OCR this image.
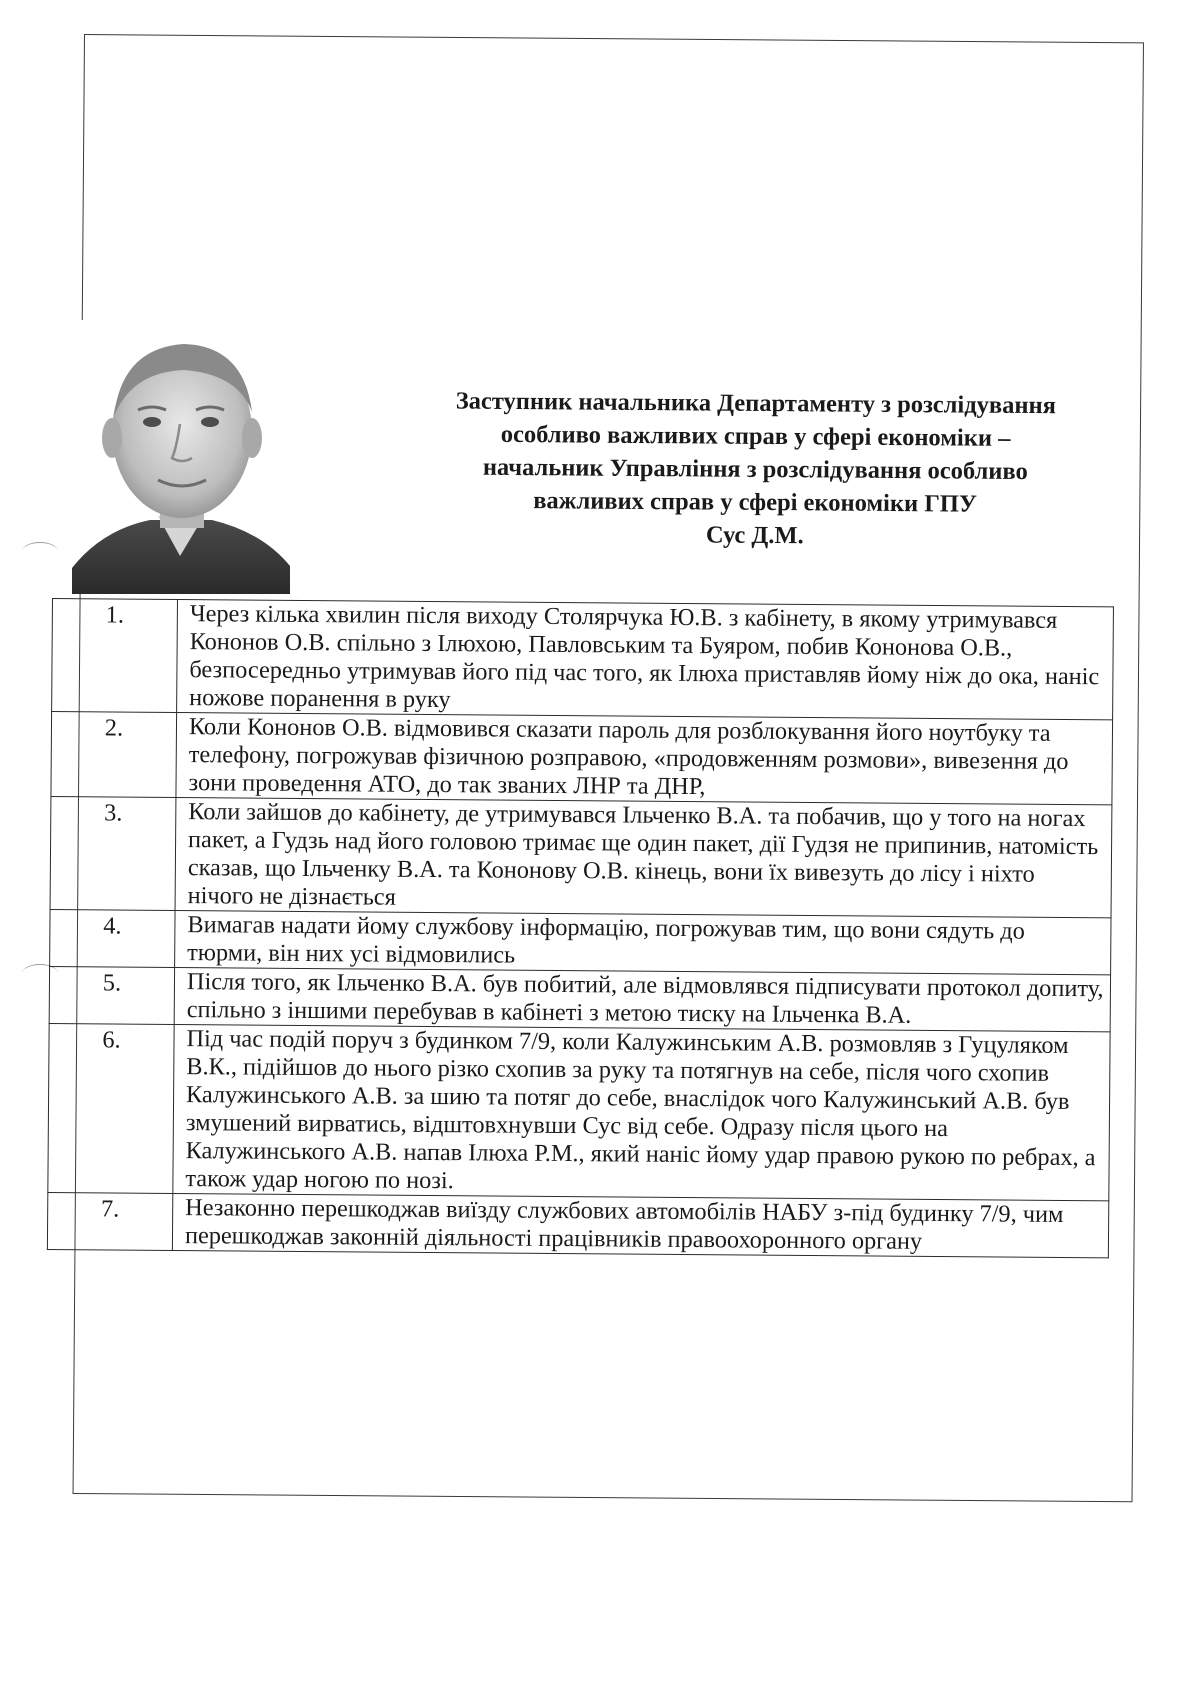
Заступник начальника Департаменту з розслідування
особливо важливих справ у сфері економіки –
начальник Управління з розслідування особливо
важливих справ у сфері економіки ГПУ
Сус Д.М.
1.	Через кілька хвилин після виходу Столярчука Ю.В. з кабінету, в якому утримувався Кононов О.В. спільно з Ілюхою, Павловським та Буяром, побив Кононова О.В., безпосередньо утримував його під час того, як Ілюха приставляв йому ніж до ока, наніс ножове поранення в руку
2.	Коли Кононов О.В. відмовився сказати пароль для розблокування його ноутбуку та телефону, погрожував фізичною розправою, «продовженням розмови», вивезення до зони проведення АТО, до так званих ЛНР та ДНР,
3.	Коли зайшов до кабінету, де утримувався Ільченко В.А. та побачив, що у того на ногах пакет, а Гудзь над його головою тримає ще один пакет, дії Гудзя не припинив, натомість сказав, що Ільченку В.А. та Кононову О.В. кінець, вони їх вивезуть до лісу і ніхто нічого не дізнається
4.	Вимагав надати йому службову інформацію, погрожував тим, що вони сядуть до тюрми, він них усі відмовились
5.	Після того, як Ільченко В.А. був побитий, але відмовлявся підписувати протокол допиту, спільно з іншими перебував в кабінеті з метою тиску на Ільченка В.А.
6.	Під час подій поруч з будинком 7/9, коли Калужинським А.В. розмовляв з Гуцуляком В.К., підійшов до нього різко схопив за руку та потягнув на себе, після чого схопив Калужинського А.В. за шию та потяг до себе, внаслідок чого Калужинський А.В. був змушений вирватись, відштовхнувши Сус від себе. Одразу після цього на Калужинського А.В. напав Ілюха Р.М., який наніс йому удар правою рукою по ребрах, а також удар ногою по нозі.
7.	Незаконно перешкоджав виїзду службових автомобілів НАБУ з-під будинку 7/9, чим перешкоджав законній діяльності працівників правоохоронного органу
